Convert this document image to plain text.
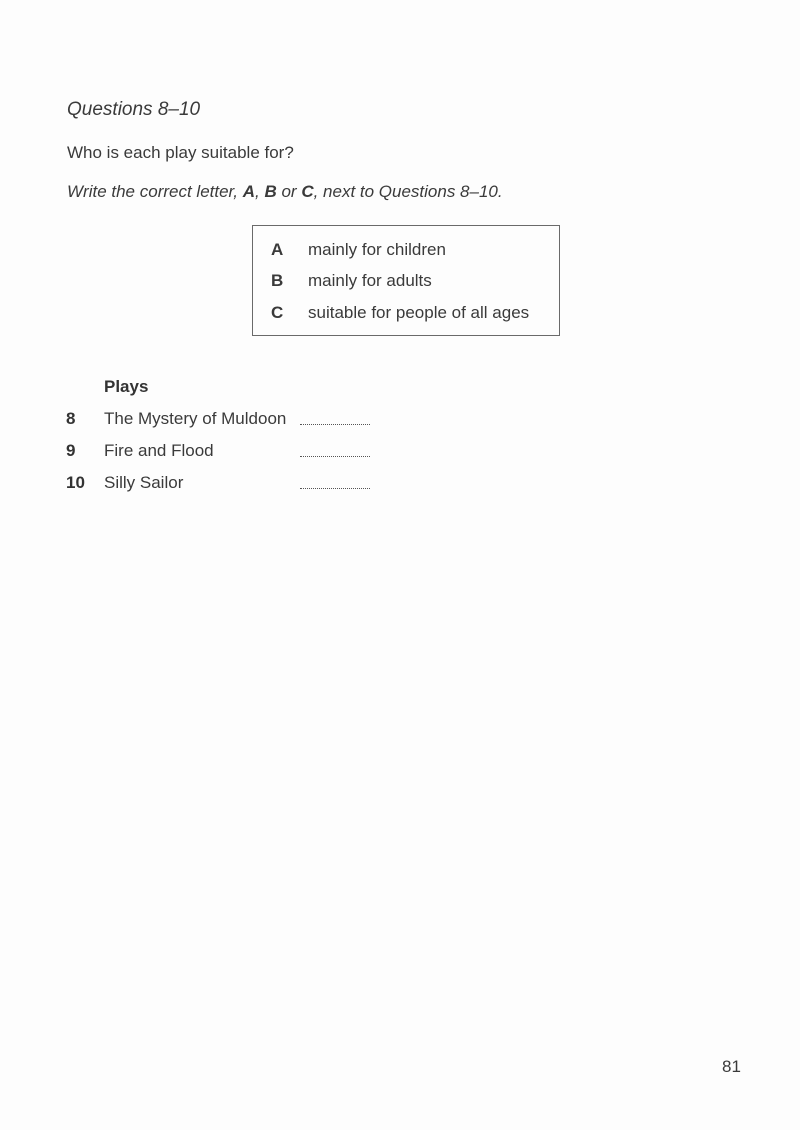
Questions 8–10
Who is each play suitable for?
Write the correct letter, A, B or C, next to Questions 8–10.
A mainly for children
B mainly for adults
C suitable for people of all ages
Plays
8 The Mystery of Muldoon
9 Fire and Flood
10 Silly Sailor
81
